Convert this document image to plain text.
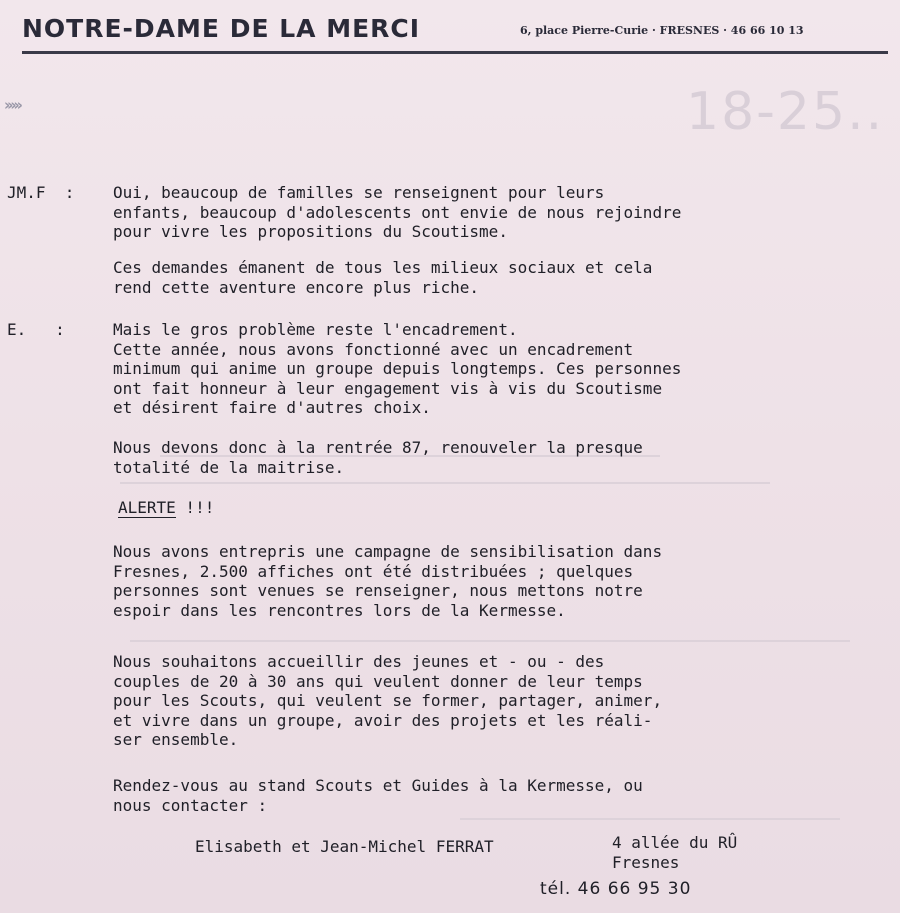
NOTRE-DAME DE LA MERCI	6, place Pierre-Curie · FRESNES · 46 66 10 13
›››››	18-25..
JM.F  : Oui, beaucoup de familles se renseignent pour leurs
enfants, beaucoup d'adolescents ont envie de nous rejoindre
pour vivre les propositions du Scoutisme.

Ces demandes émanent de tous les milieux sociaux et cela
rend cette aventure encore plus riche.

E.   :	Mais le gros problème reste l'encadrement.
Cette année, nous avons fonctionné avec un encadrement
minimum qui anime un groupe depuis longtemps. Ces personnes
ont fait honneur à leur engagement vis à vis du Scoutisme
et désirent faire d'autres choix.

Nous devons donc à la rentrée 87, renouveler la presque
totalité de la maitrise.

ALERTE !!!

Nous avons entrepris une campagne de sensibilisation dans
Fresnes, 2.500 affiches ont été distribuées ; quelques
personnes sont venues se renseigner, nous mettons notre
espoir dans les rencontres lors de la Kermesse.

Nous souhaitons accueillir des jeunes et - ou - des
couples de 20 à 30 ans qui veulent donner de leur temps
pour les Scouts, qui veulent se former, partager, animer,
et vivre dans un groupe, avoir des projets et les réali-
ser ensemble.

Rendez-vous au stand Scouts et Guides à la Kermesse, ou
nous contacter :

Elisabeth et Jean-Michel FERRAT	4 allée du RÛ
Fresnes
tél. 46 66 95 30
